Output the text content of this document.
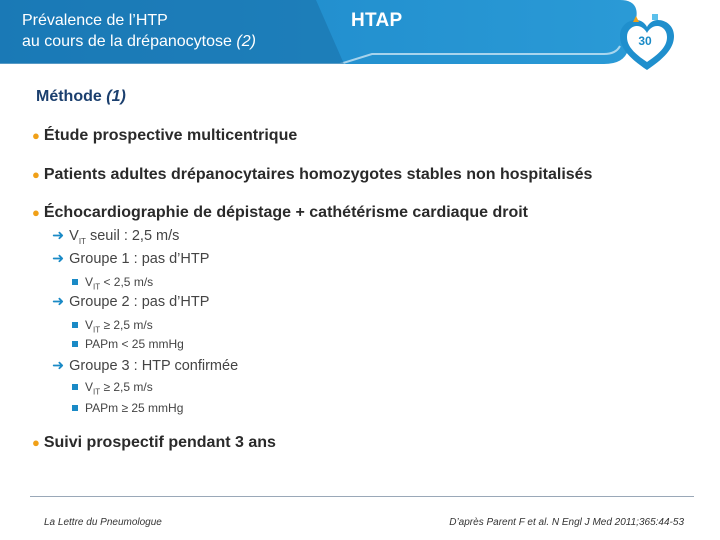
Prévalence de l’HTP
au cours de la drépanocytose (2)
HTAP
30
Méthode (1)
● Étude prospective multicentrique
● Patients adultes drépanocytaires homozygotes stables non hospitalisés
● Échocardiographie de dépistage + cathétérisme cardiaque droit
➜ $V_{IT}$ seuil : 2,5 m/s
➜ Groupe 1 : pas d’HTP
$V_{IT} < 2,5$ m/s
➜ Groupe 2 : pas d’HTP
$V_{IT} \ge 2,5$ m/s
PAPm < 25 mmHg
➜ Groupe 3 : HTP confirmée
$V_{IT} \ge 2,5$ m/s
PAPm ≥ 25 mmHg
● Suivi prospectif pendant 3 ans
La Lettre du Pneumologue	D’après Parent F et al. N Engl J Med 2011;365:44-53
